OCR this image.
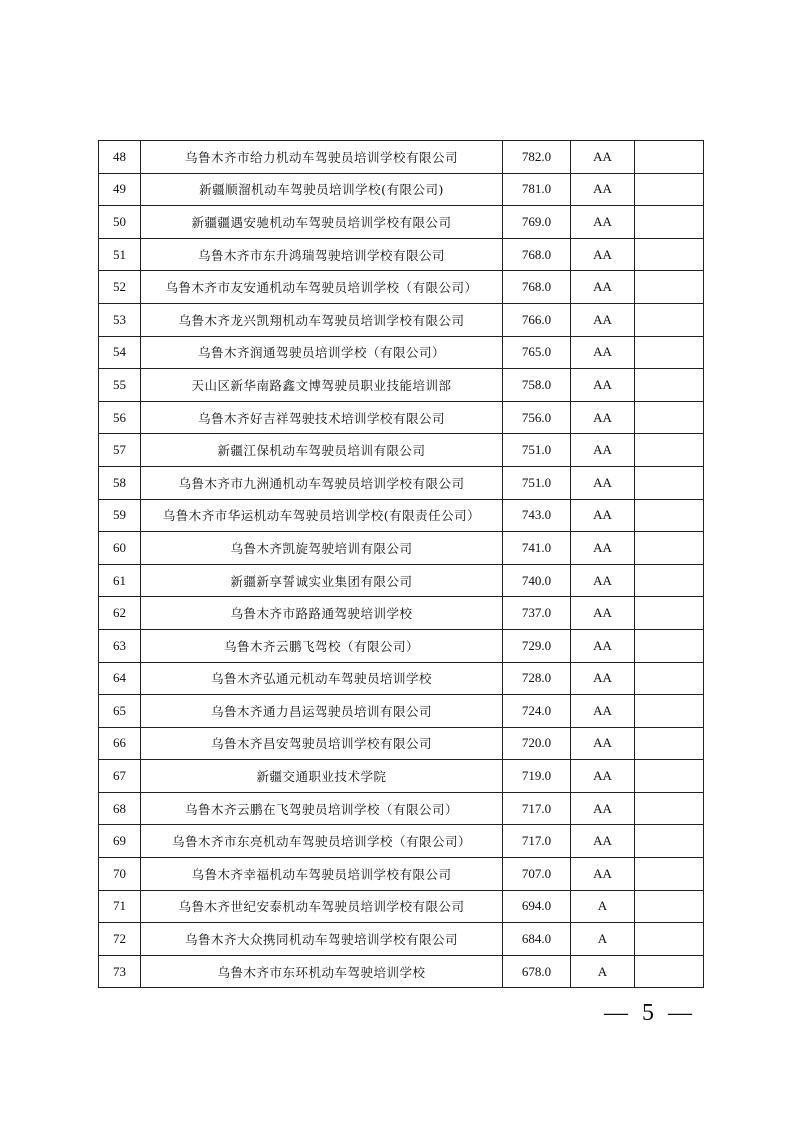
48	乌鲁木齐市给力机动车驾驶员培训学校有限公司	782.0	AA	
49	新疆顺溜机动车驾驶员培训学校(有限公司)	781.0	AA	
50	新疆疆遇安驰机动车驾驶员培训学校有限公司	769.0	AA	
51	乌鲁木齐市东升鸿瑞驾驶培训学校有限公司	768.0	AA	
52	乌鲁木齐市友安通机动车驾驶员培训学校（有限公司）	768.0	AA	
53	乌鲁木齐龙兴凯翔机动车驾驶员培训学校有限公司	766.0	AA	
54	乌鲁木齐润通驾驶员培训学校（有限公司）	765.0	AA	
55	天山区新华南路鑫文博驾驶员职业技能培训部	758.0	AA	
56	乌鲁木齐好吉祥驾驶技术培训学校有限公司	756.0	AA	
57	新疆江保机动车驾驶员培训有限公司	751.0	AA	
58	乌鲁木齐市九洲通机动车驾驶员培训学校有限公司	751.0	AA	
59	乌鲁木齐市华运机动车驾驶员培训学校(有限责任公司）	743.0	AA	
60	乌鲁木齐凯旋驾驶培训有限公司	741.0	AA	
61	新疆新享誓诚实业集团有限公司	740.0	AA	
62	乌鲁木齐市路路通驾驶培训学校	737.0	AA	
63	乌鲁木齐云鹏飞驾校（有限公司）	729.0	AA	
64	乌鲁木齐弘通元机动车驾驶员培训学校	728.0	AA	
65	乌鲁木齐通力昌运驾驶员培训有限公司	724.0	AA	
66	乌鲁木齐昌安驾驶员培训学校有限公司	720.0	AA	
67	新疆交通职业技术学院	719.0	AA	
68	乌鲁木齐云鹏在飞驾驶员培训学校（有限公司）	717.0	AA	
69	乌鲁木齐市东亮机动车驾驶员培训学校（有限公司）	717.0	AA	
70	乌鲁木齐幸福机动车驾驶员培训学校有限公司	707.0	AA	
71	乌鲁木齐世纪安泰机动车驾驶员培训学校有限公司	694.0	A	
72	乌鲁木齐大众携同机动车驾驶培训学校有限公司	684.0	A	
73	乌鲁木齐市东环机动车驾驶培训学校	678.0	A	
— 5 —
